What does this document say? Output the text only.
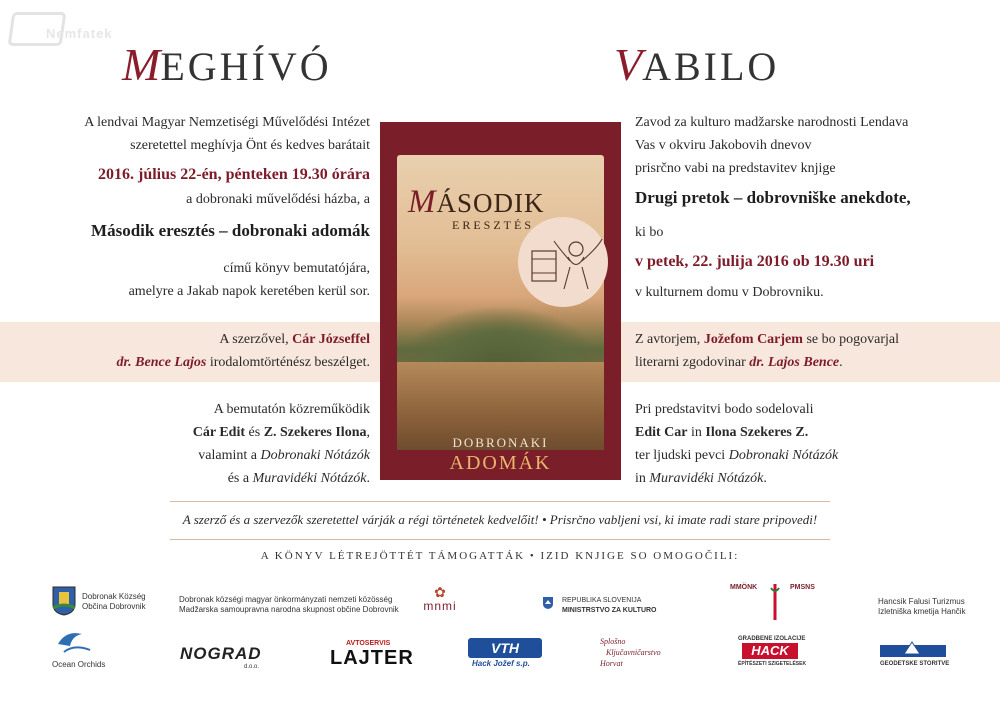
Nemfatek
MEGHÍVÓ	VABILO
A lendvai Magyar Nemzetiségi Művelődési Intézet
szeretettel meghívja Önt és kedves barátait
2016. július 22-én, pénteken 19.30 órára
a dobronaki művelődési házba, a
Második eresztés – dobronaki adomák
című könyv bemutatójára,
amelyre a Jakab napok keretében kerül sor.
A szerzővel, Cár Józseffel
dr. Bence Lajos irodalomtörténész beszélget.
A bemutatón közreműködik
Cár Edit és Z. Szekeres Ilona,
valamint a Dobronaki Nótázók
és a Muravidéki Nótázók.
Zavod za kulturo madžarske narodnosti Lendava
Vas v okviru Jakobovih dnevov
prisrčno vabi na predstavitev knjige
Drugi pretok – dobrovniške anekdote,
ki bo
v petek, 22. julija 2016 ob 19.30 uri
v kulturnem domu v Dobrovniku.
Z avtorjem, Jožefom Carjem se bo pogovarjal
literarni zgodovinar dr. Lajos Bence.
Pri predstavitvi bodo sodelovali
Edit Car in Ilona Szekeres Z.
ter ljudski pevci Dobronaki Nótázók
in Muravidéki Nótázók.
Cár József
MÁSODIK
ERESZTÉS
DOBRONAKI
ADOMÁK
A szerző és a szervezők szeretettel várják a régi történetek kedvelőit! • Prisrčno vabljeni vsi, ki imate radi stare pripovedi!
A KÖNYV LÉTREJÖTTÉT TÁMOGATTÁK • IZID KNJIGE SO OMOGOČILI:
Dobronak Község
Občina Dobrovnik
Dobronak községi magyar önkormányzati nemzeti közösség
Madžarska samoupravna narodna skupnost občine Dobrovnik
✿
mnmi	REPUBLIKA SLOVENIJA
MINISTRSTVO ZA KULTURO
MMÖNK	PMSNS
Hancsik Falusi Turizmus
Izletniška kmetija Hančik
Ocean Orchids
NOGRAD
d.o.o.
AVTOSERVIS
LAJTER	VTH
Hack Jožef s.p.
Splošno
Ključavničarstvo
Horvat
GRADBENE IZOLACIJE
HACK
ÉPÍTÉSZETI SZIGETELÉSEK	GEODETSKE STORITVE
